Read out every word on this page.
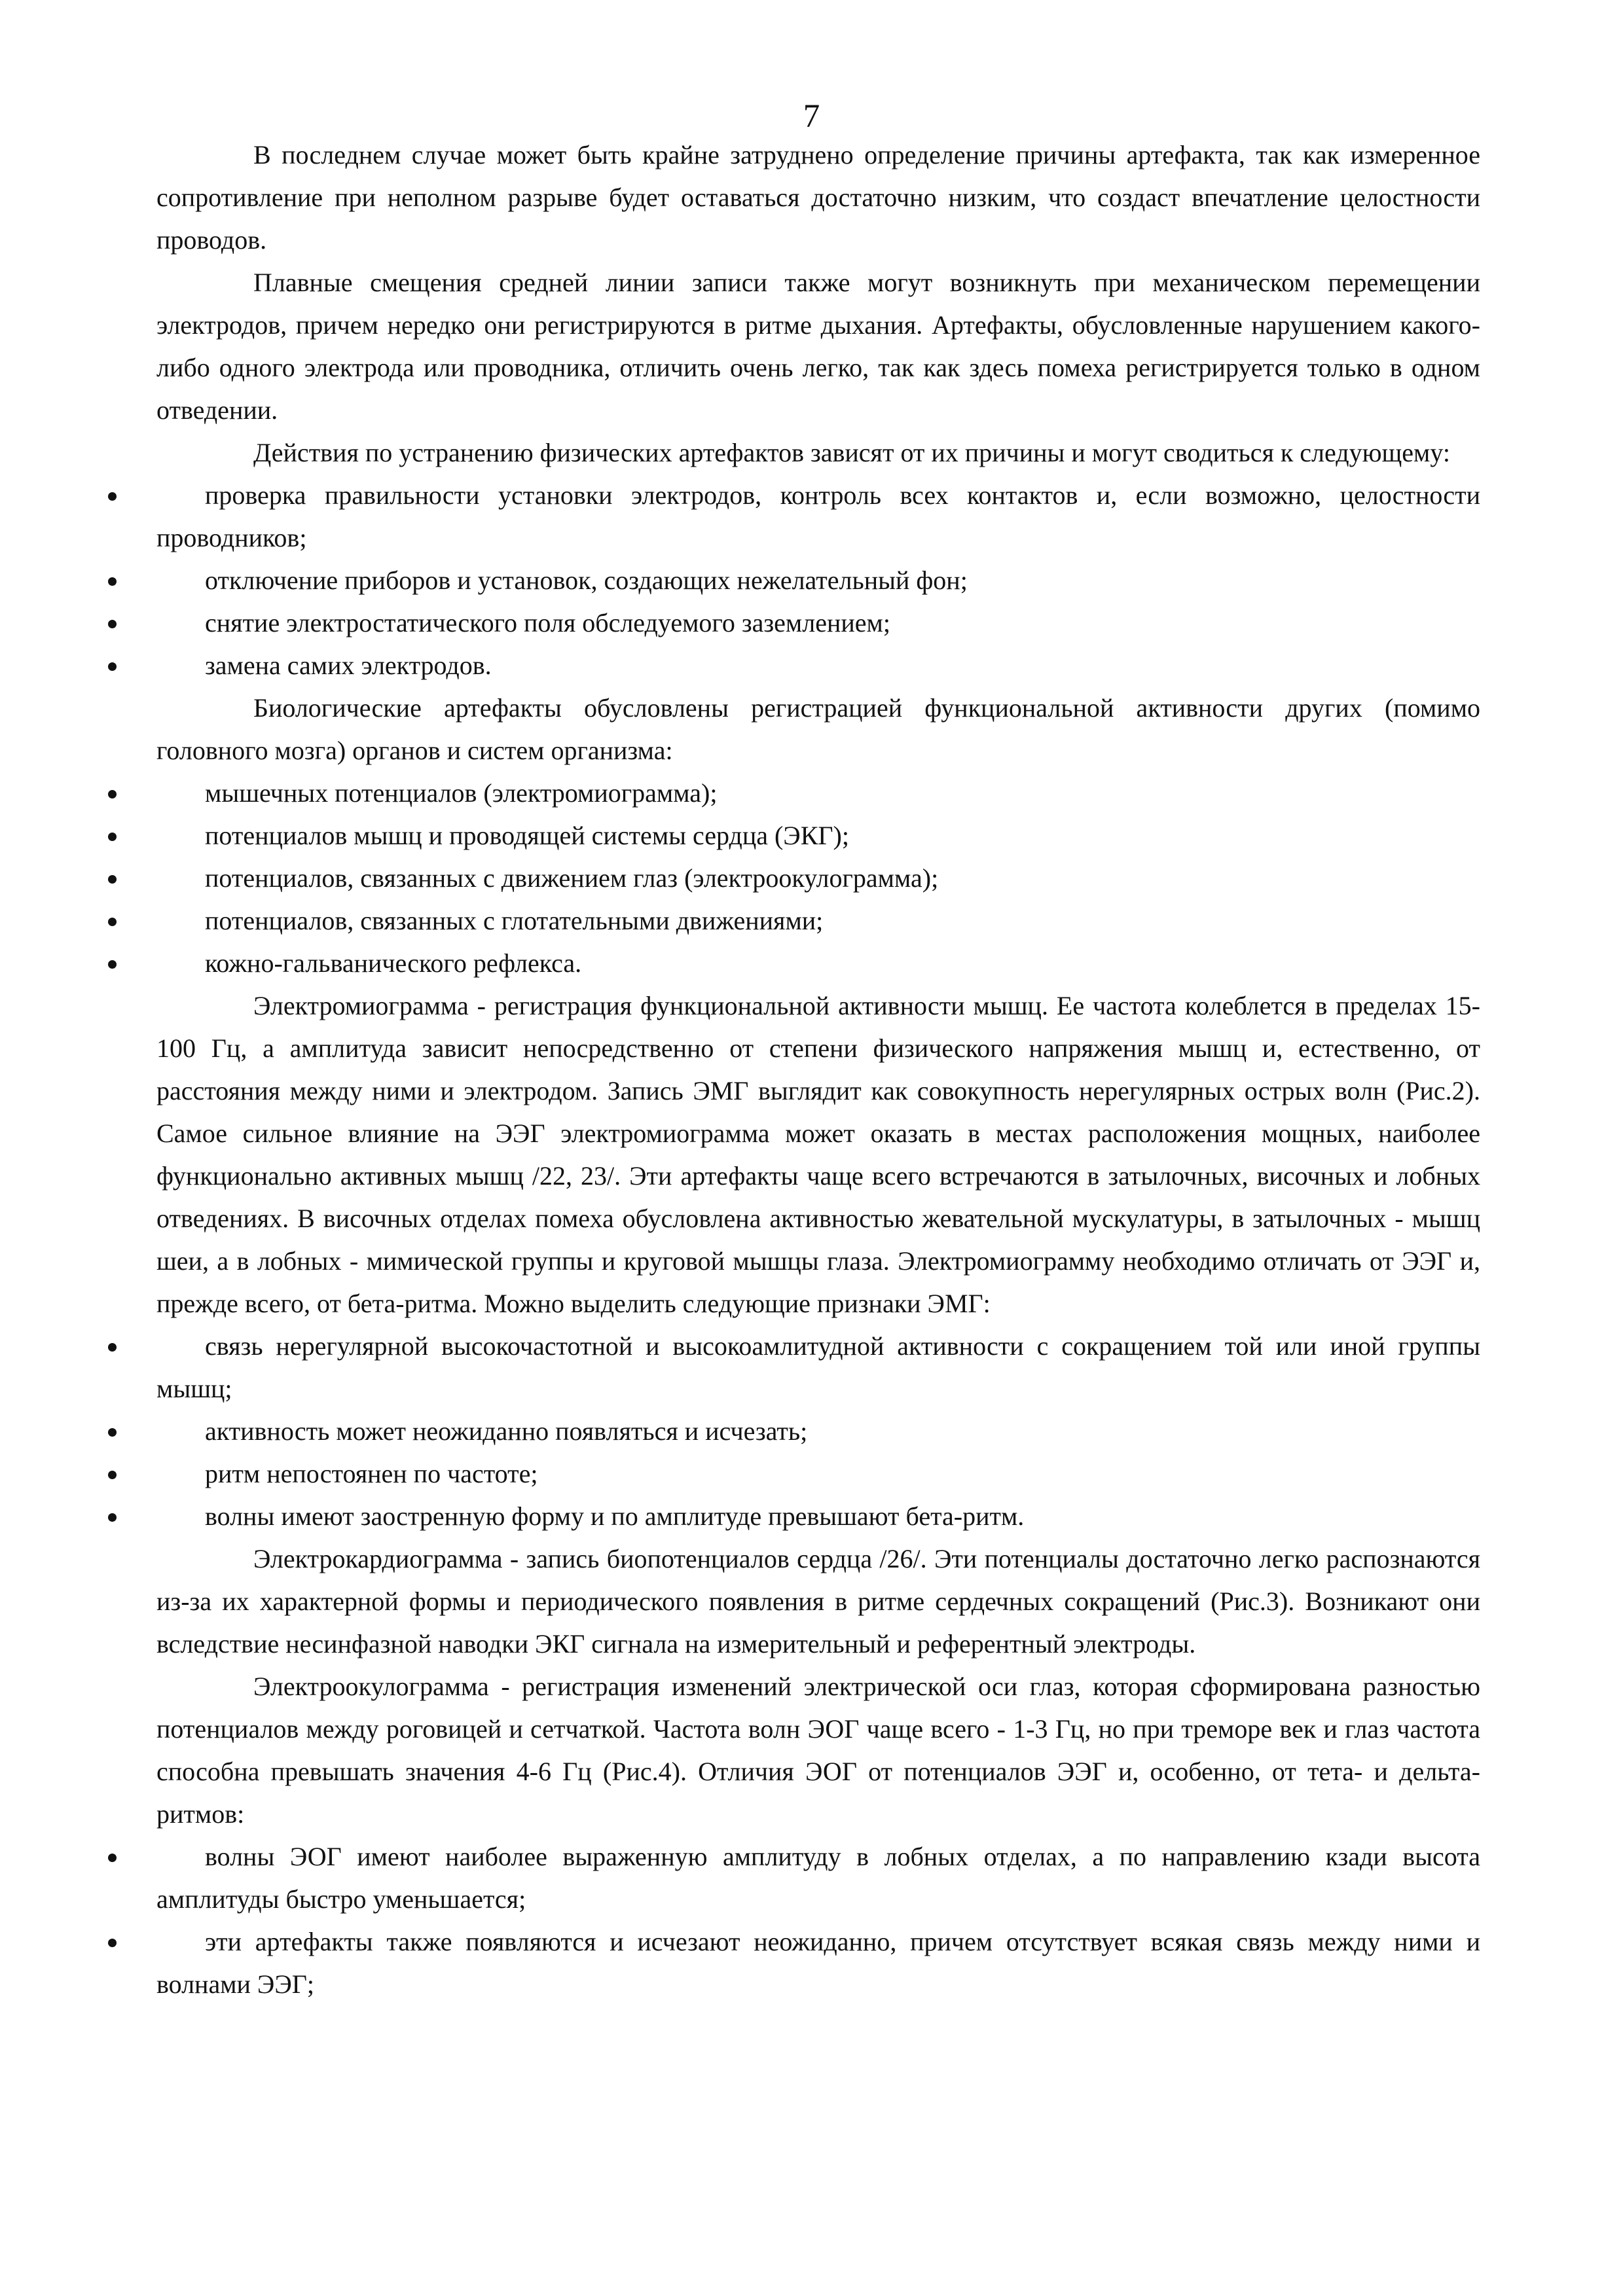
7

В последнем случае может быть крайне затруднено определение причины артефакта, так как измеренное сопротивление при неполном разрыве будет оставаться достаточно низким, что создаст впечатление целостности проводов.

Плавные смещения средней линии записи также могут возникнуть при механическом перемещении электродов, причем нередко они регистрируются в ритме дыхания. Артефакты, обусловленные нарушением какого-либо одного электрода или проводника, отличить очень легко, так как здесь помеха регистрируется только в одном отведении.

Действия по устранению физических артефактов зависят от их причины и могут сводиться к следующему:

проверка правильности установки электродов, контроль всех контактов и, если возможно, целостности проводников;
отключение приборов и установок, создающих нежелательный фон;
снятие электростатического поля обследуемого заземлением;
замена самих электродов.

Биологические артефакты обусловлены регистрацией функциональной активности других (помимо головного мозга) органов и систем организма:

мышечных потенциалов (электромиограмма);
потенциалов мышц и проводящей системы сердца (ЭКГ);
потенциалов, связанных с движением глаз (электроокулограмма);
потенциалов, связанных с глотательными движениями;
кожно-гальванического рефлекса.

Электромиограмма - регистрация функциональной активности мышц. Ее частота колеблется в пределах 15-100 Гц, а амплитуда зависит непосредственно от степени физического напряжения мышц и, естественно, от расстояния между ними и электродом. Запись ЭМГ выглядит как совокупность нерегулярных острых волн (Рис.2). Самое сильное влияние на ЭЭГ электромиограмма может оказать в местах расположения мощных, наиболее функционально активных мышц /22, 23/. Эти артефакты чаще всего встречаются в затылочных, височных и лобных отведениях. В височных отделах помеха обусловлена активностью жевательной мускулатуры, в затылочных - мышц шеи, а в лобных - мимической группы и круговой мышцы глаза. Электромиограмму необходимо отличать от ЭЭГ и, прежде всего, от бета-ритма. Можно выделить следующие признаки ЭМГ:

связь нерегулярной высокочастотной и высокоамлитудной активности с сокращением той или иной группы мышц;
активность может неожиданно появляться и исчезать;
ритм непостоянен по частоте;
волны имеют заостренную форму и по амплитуде превышают бета-ритм.

Электрокардиограмма - запись биопотенциалов сердца /26/. Эти потенциалы достаточно легко распознаются из-за их характерной формы и периодического появления в ритме сердечных сокращений (Рис.3). Возникают они вследствие несинфазной наводки ЭКГ сигнала на измерительный и референтный электроды.

Электроокулограмма - регистрация изменений электрической оси глаз, которая сформирована разностью потенциалов между роговицей и сетчаткой. Частота волн ЭОГ чаще всего - 1-3 Гц, но при треморе век и глаз частота способна превышать значения 4-6 Гц (Рис.4). Отличия ЭОГ от потенциалов ЭЭГ и, особенно, от тета- и дельта-ритмов:

волны ЭОГ имеют наиболее выраженную амплитуду в лобных отделах, а по направлению кзади высота амплитуды быстро уменьшается;
эти артефакты также появляются и исчезают неожиданно, причем отсутствует всякая связь между ними и волнами ЭЭГ;
